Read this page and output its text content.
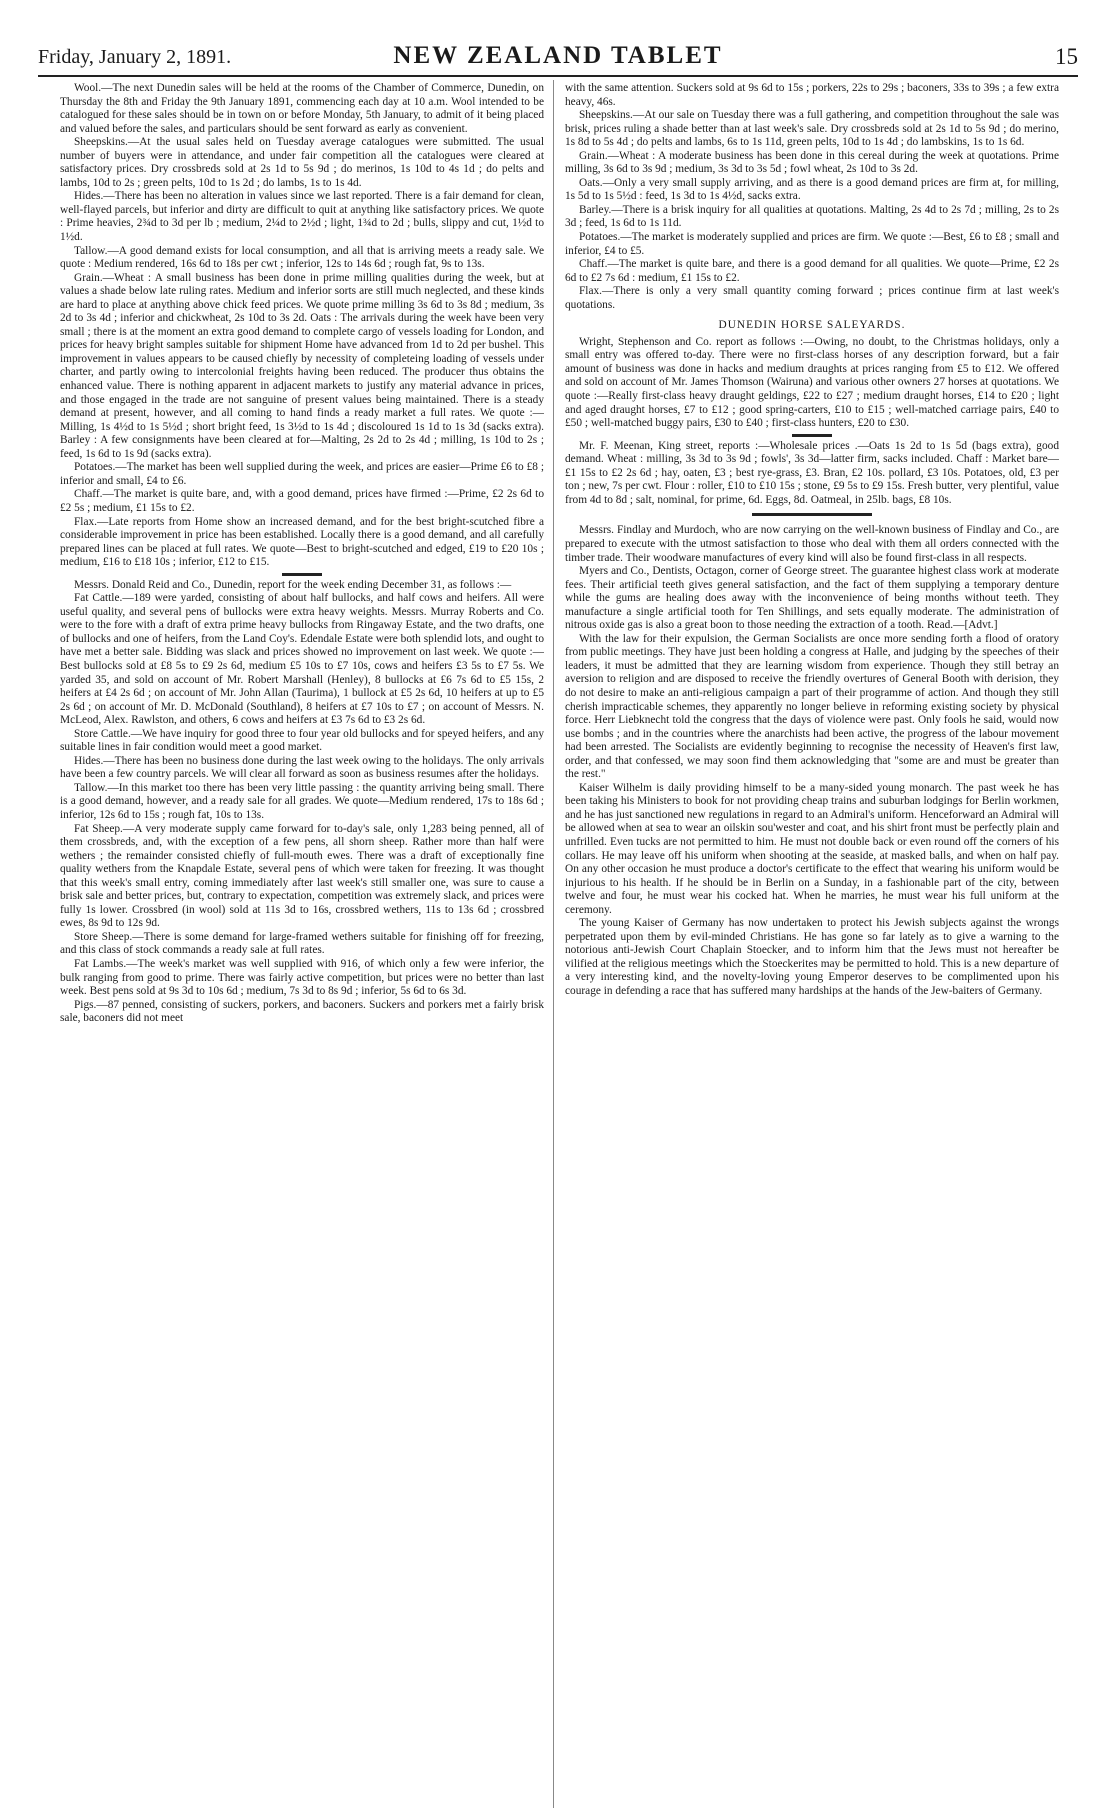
Friday, January 2, 1891.	NEW ZEALAND TABLET	15

Wool.—The next Dunedin sales will be held at the rooms of the Chamber of Commerce, Dunedin, on Thursday the 8th and Friday the 9th January 1891, commencing each day at 10 a.m. Wool intended to be catalogued for these sales should be in town on or before Monday, 5th January, to admit of it being placed and valued before the sales, and particulars should be sent forward as early as convenient.

Sheepskins.—At the usual sales held on Tuesday average catalogues were submitted. The usual number of buyers were in attendance, and under fair competition all the catalogues were cleared at satisfactory prices. Dry crossbreds sold at 2s 1d to 5s 9d ; do merinos, 1s 10d to 4s 1d ; do pelts and lambs, 10d to 2s ; green pelts, 10d to 1s 2d ; do lambs, 1s to 1s 4d.

Hides.—There has been no alteration in values since we last reported. There is a fair demand for clean, well-flayed parcels, but inferior and dirty are difficult to quit at anything like satisfactory prices. We quote : Prime heavies, 2¾d to 3d per lb ; medium, 2¼d to 2½d ; light, 1¾d to 2d ; bulls, slippy and cut, 1½d to 1½d.

Tallow.—A good demand exists for local consumption, and all that is arriving meets a ready sale. We quote : Medium rendered, 16s 6d to 18s per cwt ; inferior, 12s to 14s 6d ; rough fat, 9s to 13s.

Grain.—Wheat : A small business has been done in prime milling qualities during the week, but at values a shade below late ruling rates. Medium and inferior sorts are still much neglected, and these kinds are hard to place at anything above chick feed prices. We quote prime milling 3s 6d to 3s 8d ; medium, 3s 2d to 3s 4d ; inferior and chickwheat, 2s 10d to 3s 2d. Oats : The arrivals during the week have been very small ; there is at the moment an extra good demand to complete cargo of vessels loading for London, and prices for heavy bright samples suitable for shipment Home have advanced from 1d to 2d per bushel. This improvement in values appears to be caused chiefly by necessity of completeing loading of vessels under charter, and partly owing to intercolonial freights having been reduced. The producer thus obtains the enhanced value. There is nothing apparent in adjacent markets to justify any material advance in prices, and those engaged in the trade are not sanguine of present values being maintained. There is a steady demand at present, however, and all coming to hand finds a ready market a full rates. We quote :—Milling, 1s 4½d to 1s 5½d ; short bright feed, 1s 3½d to 1s 4d ; discoloured 1s 1d to 1s 3d (sacks extra). Barley : A few consignments have been cleared at for—Malting, 2s 2d to 2s 4d ; milling, 1s 10d to 2s ; feed, 1s 6d to 1s 9d (sacks extra).

Potatoes.—The market has been well supplied during the week, and prices are easier—Prime £6 to £8 ; inferior and small, £4 to £6.

Chaff.—The market is quite bare, and, with a good demand, prices have firmed :—Prime, £2 2s 6d to £2 5s ; medium, £1 15s to £2.

Flax.—Late reports from Home show an increased demand, and for the best bright-scutched fibre a considerable improvement in price has been established. Locally there is a good demand, and all carefully prepared lines can be placed at full rates. We quote—Best to bright-scutched and edged, £19 to £20 10s ; medium, £16 to £18 10s ; inferior, £12 to £15.

Messrs. Donald Reid and Co., Dunedin, report for the week ending December 31, as follows :—

Fat Cattle.—189 were yarded, consisting of about half bullocks, and half cows and heifers. All were useful quality, and several pens of bullocks were extra heavy weights. Messrs. Murray Roberts and Co. were to the fore with a draft of extra prime heavy bullocks from Ringaway Estate, and the two drafts, one of bullocks and one of heifers, from the Land Coy's. Edendale Estate were both splendid lots, and ought to have met a better sale. Bidding was slack and prices showed no improvement on last week. We quote :—Best bullocks sold at £8 5s to £9 2s 6d, medium £5 10s to £7 10s, cows and heifers £3 5s to £7 5s. We yarded 35, and sold on account of Mr. Robert Marshall (Henley), 8 bullocks at £6 7s 6d to £5 15s, 2 heifers at £4 2s 6d ; on account of Mr. John Allan (Taurima), 1 bullock at £5 2s 6d, 10 heifers at up to £5 2s 6d ; on account of Mr. D. McDonald (Southland), 8 heifers at £7 10s to £7 ; on account of Messrs. N. McLeod, Alex. Rawlston, and others, 6 cows and heifers at £3 7s 6d to £3 2s 6d.

Store Cattle.—We have inquiry for good three to four year old bullocks and for speyed heifers, and any suitable lines in fair condition would meet a good market.

Hides.—There has been no business done during the last week owing to the holidays. The only arrivals have been a few country parcels. We will clear all forward as soon as business resumes after the holidays.

Tallow.—In this market too there has been very little passing : the quantity arriving being small. There is a good demand, however, and a ready sale for all grades. We quote—Medium rendered, 17s to 18s 6d ; inferior, 12s 6d to 15s ; rough fat, 10s to 13s.

Fat Sheep.—A very moderate supply came forward for to-day's sale, only 1,283 being penned, all of them crossbreds, and, with the exception of a few pens, all shorn sheep. Rather more than half were wethers ; the remainder consisted chiefly of full-mouth ewes. There was a draft of exceptionally fine quality wethers from the Knapdale Estate, several pens of which were taken for freezing. It was thought that this week's small entry, coming immediately after last week's still smaller one, was sure to cause a brisk sale and better prices, but, contrary to expectation, competition was extremely slack, and prices were fully 1s lower. Crossbred (in wool) sold at 11s 3d to 16s, crossbred wethers, 11s to 13s 6d ; crossbred ewes, 8s 9d to 12s 9d.

Store Sheep.—There is some demand for large-framed wethers suitable for finishing off for freezing, and this class of stock commands a ready sale at full rates.

Fat Lambs.—The week's market was well supplied with 916, of which only a few were inferior, the bulk ranging from good to prime. There was fairly active competition, but prices were no better than last week. Best pens sold at 9s 3d to 10s 6d ; medium, 7s 3d to 8s 9d ; inferior, 5s 6d to 6s 3d.

Pigs.—87 penned, consisting of suckers, porkers, and baconers. Suckers and porkers met a fairly brisk sale, baconers did not meet

with the same attention. Suckers sold at 9s 6d to 15s ; porkers, 22s to 29s ; baconers, 33s to 39s ; a few extra heavy, 46s.

Sheepskins.—At our sale on Tuesday there was a full gathering, and competition throughout the sale was brisk, prices ruling a shade better than at last week's sale. Dry crossbreds sold at 2s 1d to 5s 9d ; do merino, 1s 8d to 5s 4d ; do pelts and lambs, 6s to 1s 11d, green pelts, 10d to 1s 4d ; do lambskins, 1s to 1s 6d.

Grain.—Wheat : A moderate business has been done in this cereal during the week at quotations. Prime milling, 3s 6d to 3s 9d ; medium, 3s 3d to 3s 5d ; fowl wheat, 2s 10d to 3s 2d.

Oats.—Only a very small supply arriving, and as there is a good demand prices are firm at, for milling, 1s 5d to 1s 5½d : feed, 1s 3d to 1s 4½d, sacks extra.

Barley.—There is a brisk inquiry for all qualities at quotations. Malting, 2s 4d to 2s 7d ; milling, 2s to 2s 3d ; feed, 1s 6d to 1s 11d.

Potatoes.—The market is moderately supplied and prices are firm. We quote :—Best, £6 to £8 ; small and inferior, £4 to £5.

Chaff.—The market is quite bare, and there is a good demand for all qualities. We quote—Prime, £2 2s 6d to £2 7s 6d : medium, £1 15s to £2.

Flax.—There is only a very small quantity coming forward ; prices continue firm at last week's quotations.

DUNEDIN HORSE SALEYARDS.

Wright, Stephenson and Co. report as follows :—Owing, no doubt, to the Christmas holidays, only a small entry was offered to-day. There were no first-class horses of any description forward, but a fair amount of business was done in hacks and medium draughts at prices ranging from £5 to £12. We offered and sold on account of Mr. James Thomson (Wairuna) and various other owners 27 horses at quotations. We quote :—Really first-class heavy draught geldings, £22 to £27 ; medium draught horses, £14 to £20 ; light and aged draught horses, £7 to £12 ; good spring-carters, £10 to £15 ; well-matched carriage pairs, £40 to £50 ; well-matched buggy pairs, £30 to £40 ; first-class hunters, £20 to £30.

Mr. F. Meenan, King street, reports :—Wholesale prices .—Oats 1s 2d to 1s 5d (bags extra), good demand. Wheat : milling, 3s 3d to 3s 9d ; fowls', 3s 3d—latter firm, sacks included. Chaff : Market bare—£1 15s to £2 2s 6d ; hay, oaten, £3 ; best rye-grass, £3. Bran, £2 10s. pollard, £3 10s. Potatoes, old, £3 per ton ; new, 7s per cwt. Flour : roller, £10 to £10 15s ; stone, £9 5s to £9 15s. Fresh butter, very plentiful, value from 4d to 8d ; salt, nominal, for prime, 6d. Eggs, 8d. Oatmeal, in 25lb. bags, £8 10s.

Messrs. Findlay and Murdoch, who are now carrying on the well-known business of Findlay and Co., are prepared to execute with the utmost satisfaction to those who deal with them all orders connected with the timber trade. Their woodware manufactures of every kind will also be found first-class in all respects.

Myers and Co., Dentists, Octagon, corner of George street. The guarantee highest class work at moderate fees. Their artificial teeth gives general satisfaction, and the fact of them supplying a temporary denture while the gums are healing does away with the inconvenience of being months without teeth. They manufacture a single artificial tooth for Ten Shillings, and sets equally moderate. The administration of nitrous oxide gas is also a great boon to those needing the extraction of a tooth. Read.—[Advt.]

With the law for their expulsion, the German Socialists are once more sending forth a flood of oratory from public meetings. They have just been holding a congress at Halle, and judging by the speeches of their leaders, it must be admitted that they are learning wisdom from experience. Though they still betray an aversion to religion and are disposed to receive the friendly overtures of General Booth with derision, they do not desire to make an anti-religious campaign a part of their programme of action. And though they still cherish impracticable schemes, they apparently no longer believe in reforming existing society by physical force. Herr Liebknecht told the congress that the days of violence were past. Only fools he said, would now use bombs ; and in the countries where the anarchists had been active, the progress of the labour movement had been arrested. The Socialists are evidently beginning to recognise the necessity of Heaven's first law, order, and that confessed, we may soon find them acknowledging that "some are and must be greater than the rest."

Kaiser Wilhelm is daily providing himself to be a many-sided young monarch. The past week he has been taking his Ministers to book for not providing cheap trains and suburban lodgings for Berlin workmen, and he has just sanctioned new regulations in regard to an Admiral's uniform. Henceforward an Admiral will be allowed when at sea to wear an oilskin sou'wester and coat, and his shirt front must be perfectly plain and unfrilled. Even tucks are not permitted to him. He must not double back or even round off the corners of his collars. He may leave off his uniform when shooting at the seaside, at masked balls, and when on half pay. On any other occasion he must produce a doctor's certificate to the effect that wearing his uniform would be injurious to his health. If he should be in Berlin on a Sunday, in a fashionable part of the city, between twelve and four, he must wear his cocked hat. When he marries, he must wear his full uniform at the ceremony.

The young Kaiser of Germany has now undertaken to protect his Jewish subjects against the wrongs perpetrated upon them by evil-minded Christians. He has gone so far lately as to give a warning to the notorious anti-Jewish Court Chaplain Stoecker, and to inform him that the Jews must not hereafter be vilified at the religious meetings which the Stoeckerites may be permitted to hold. This is a new departure of a very interesting kind, and the novelty-loving young Emperor deserves to be complimented upon his courage in defending a race that has suffered many hardships at the hands of the Jew-baiters of Germany.
